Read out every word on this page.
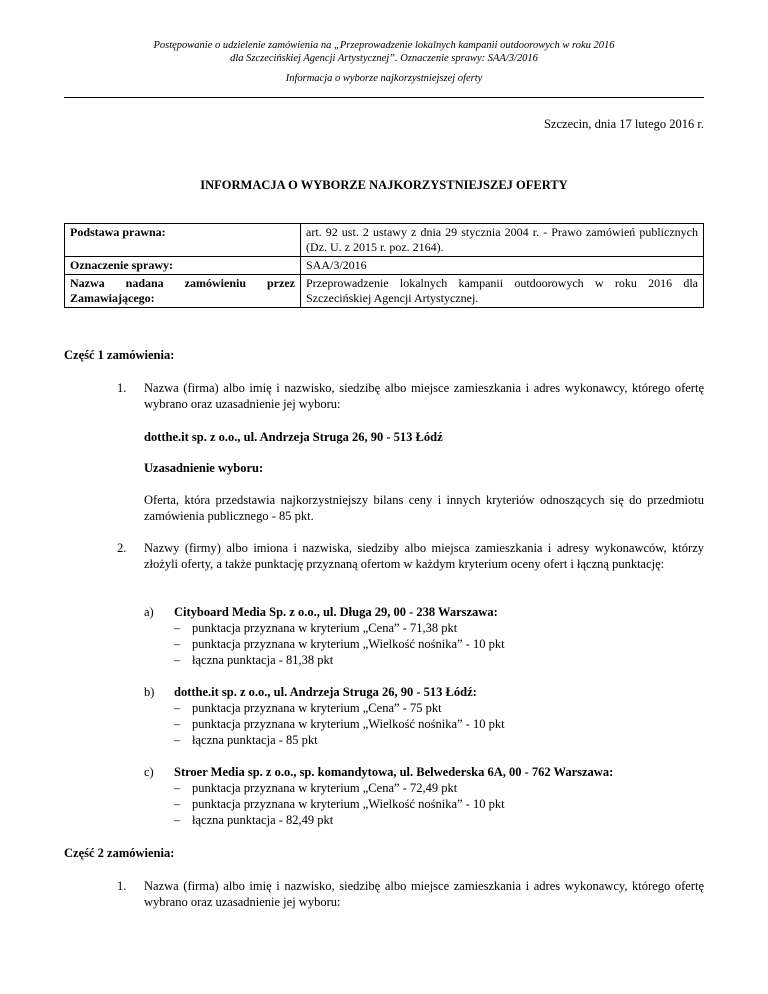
Postępowanie o udzielenie zamówienia na „Przeprowadzenie lokalnych kampanii outdoorowych w roku 2016
dla Szczecińskiej Agencji Artystycznej”. Oznaczenie sprawy: SAA/3/2016
Informacja o wyborze najkorzystniejszej oferty
Szczecin, dnia 17 lutego 2016 r.
INFORMACJA O WYBORZE NAJKORZYSTNIEJSZEJ OFERTY
Podstawa prawna:	art. 92 ust. 2 ustawy z dnia 29 stycznia 2004 r. - Prawo zamówień publicznych (Dz. U. z 2015 r. poz. 2164).
Oznaczenie sprawy:	SAA/3/2016
Nazwa nadana zamówieniu przez Zamawiającego:	Przeprowadzenie lokalnych kampanii outdoorowych w roku 2016 dla Szczecińskiej Agencji Artystycznej.
Część 1 zamówienia:
1. Nazwa (firma) albo imię i nazwisko, siedzibę albo miejsce zamieszkania i adres wykonawcy, którego ofertę wybrano oraz uzasadnienie jej wyboru:
dotthe.it sp. z o.o., ul. Andrzeja Struga 26, 90 - 513 Łódź
Uzasadnienie wyboru:
Oferta, która przedstawia najkorzystniejszy bilans ceny i innych kryteriów odnoszących się do przedmiotu zamówienia publicznego - 85 pkt.
2. Nazwy (firmy) albo imiona i nazwiska, siedziby albo miejsca zamieszkania i adresy wykonawców, którzy złożyli oferty, a także punktację przyznaną ofertom w każdym kryterium oceny ofert i łączną punktację:
a) Cityboard Media Sp. z o.o., ul. Długa 29, 00 - 238 Warszawa:
– punktacja przyznana w kryterium „Cena” - 71,38 pkt
– punktacja przyznana w kryterium „Wielkość nośnika” - 10 pkt
– łączna punktacja - 81,38 pkt
b) dotthe.it sp. z o.o., ul. Andrzeja Struga 26, 90 - 513 Łódź:
– punktacja przyznana w kryterium „Cena” - 75 pkt
– punktacja przyznana w kryterium „Wielkość nośnika” - 10 pkt
– łączna punktacja - 85 pkt
c) Stroer Media sp. z o.o., sp. komandytowa, ul. Belwederska 6A, 00 - 762 Warszawa:
– punktacja przyznana w kryterium „Cena” - 72,49 pkt
– punktacja przyznana w kryterium „Wielkość nośnika” - 10 pkt
– łączna punktacja - 82,49 pkt
Część 2 zamówienia:
1. Nazwa (firma) albo imię i nazwisko, siedzibę albo miejsce zamieszkania i adres wykonawcy, którego ofertę wybrano oraz uzasadnienie jej wyboru:
